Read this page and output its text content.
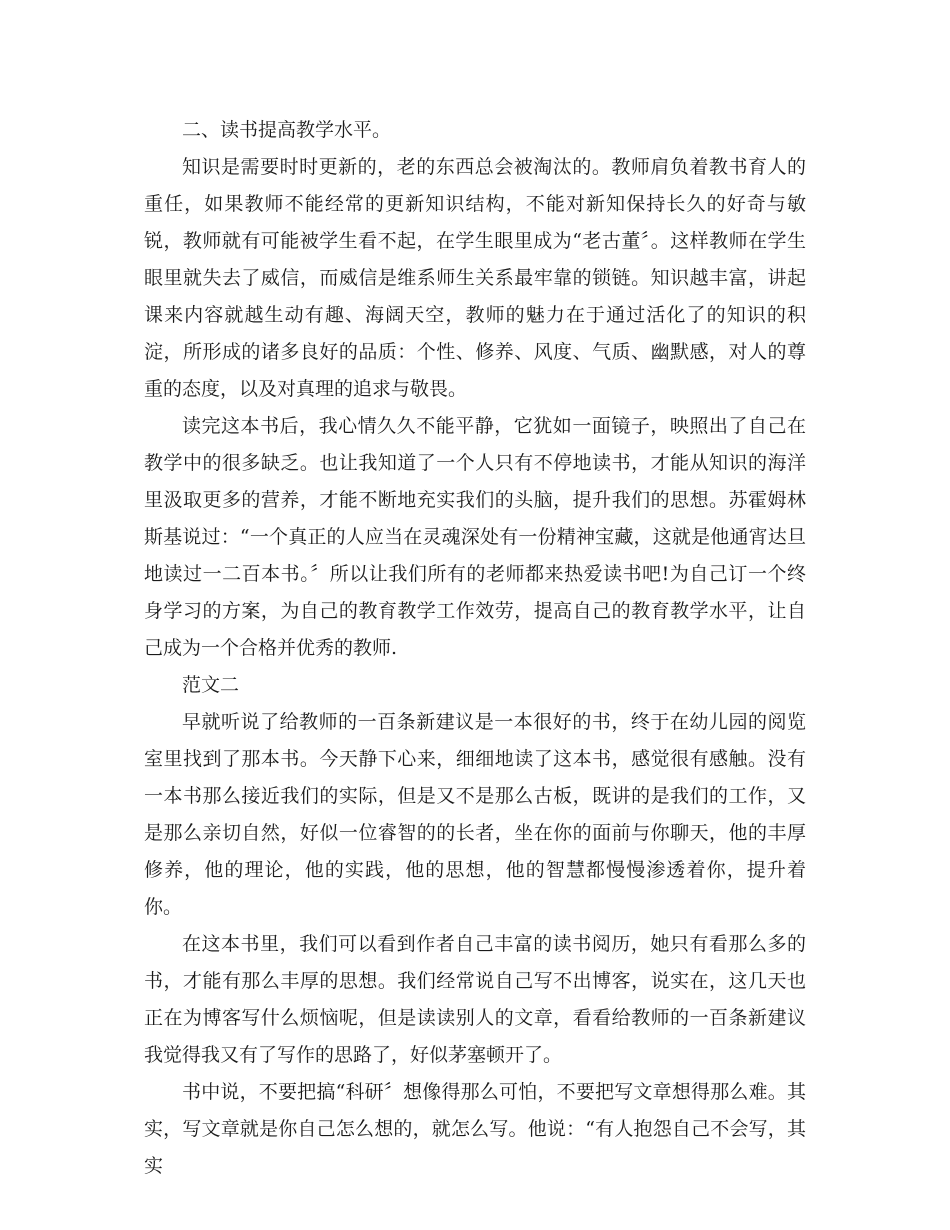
二、读书提高教学水平。

知识是需要时时更新的，老的东西总会被淘汰的。教师肩负着教书育人的重任，如果教师不能经常的更新知识结构，不能对新知保持长久的好奇与敏锐，教师就有可能被学生看不起，在学生眼里成为“老古董〞。这样教师在学生眼里就失去了威信，而威信是维系师生关系最牢靠的锁链。知识越丰富，讲起课来内容就越生动有趣、海阔天空，教师的魅力在于通过活化了的知识的积淀，所形成的诸多良好的品质：个性、修养、风度、气质、幽默感，对人的尊重的态度，以及对真理的追求与敬畏。

读完这本书后，我心情久久不能平静，它犹如一面镜子，映照出了自己在教学中的很多缺乏。也让我知道了一个人只有不停地读书，才能从知识的海洋里汲取更多的营养，才能不断地充实我们的头脑，提升我们的思想。苏霍姆林斯基说过：“一个真正的人应当在灵魂深处有一份精神宝藏，这就是他通宵达旦地读过一二百本书。〞所以让我们所有的老师都来热爱读书吧!为自己订一个终身学习的方案，为自己的教育教学工作效劳，提高自己的教育教学水平，让自己成为一个合格并优秀的教师.

范文二

早就听说了给教师的一百条新建议是一本很好的书，终于在幼儿园的阅览室里找到了那本书。今天静下心来，细细地读了这本书，感觉很有感触。没有一本书那么接近我们的实际，但是又不是那么古板，既讲的是我们的工作，又是那么亲切自然，好似一位睿智的的长者，坐在你的面前与你聊天，他的丰厚修养，他的理论，他的实践，他的思想，他的智慧都慢慢渗透着你，提升着你。

在这本书里，我们可以看到作者自己丰富的读书阅历，她只有看那么多的书，才能有那么丰厚的思想。我们经常说自己写不出博客，说实在，这几天也正在为博客写什么烦恼呢，但是读读别人的文章，看看给教师的一百条新建议我觉得我又有了写作的思路了，好似茅塞顿开了。

书中说，不要把搞“科研〞想像得那么可怕，不要把写文章想得那么难。其实，写文章就是你自己怎么想的，就怎么写。他说：“有人抱怨自己不会写，其实
